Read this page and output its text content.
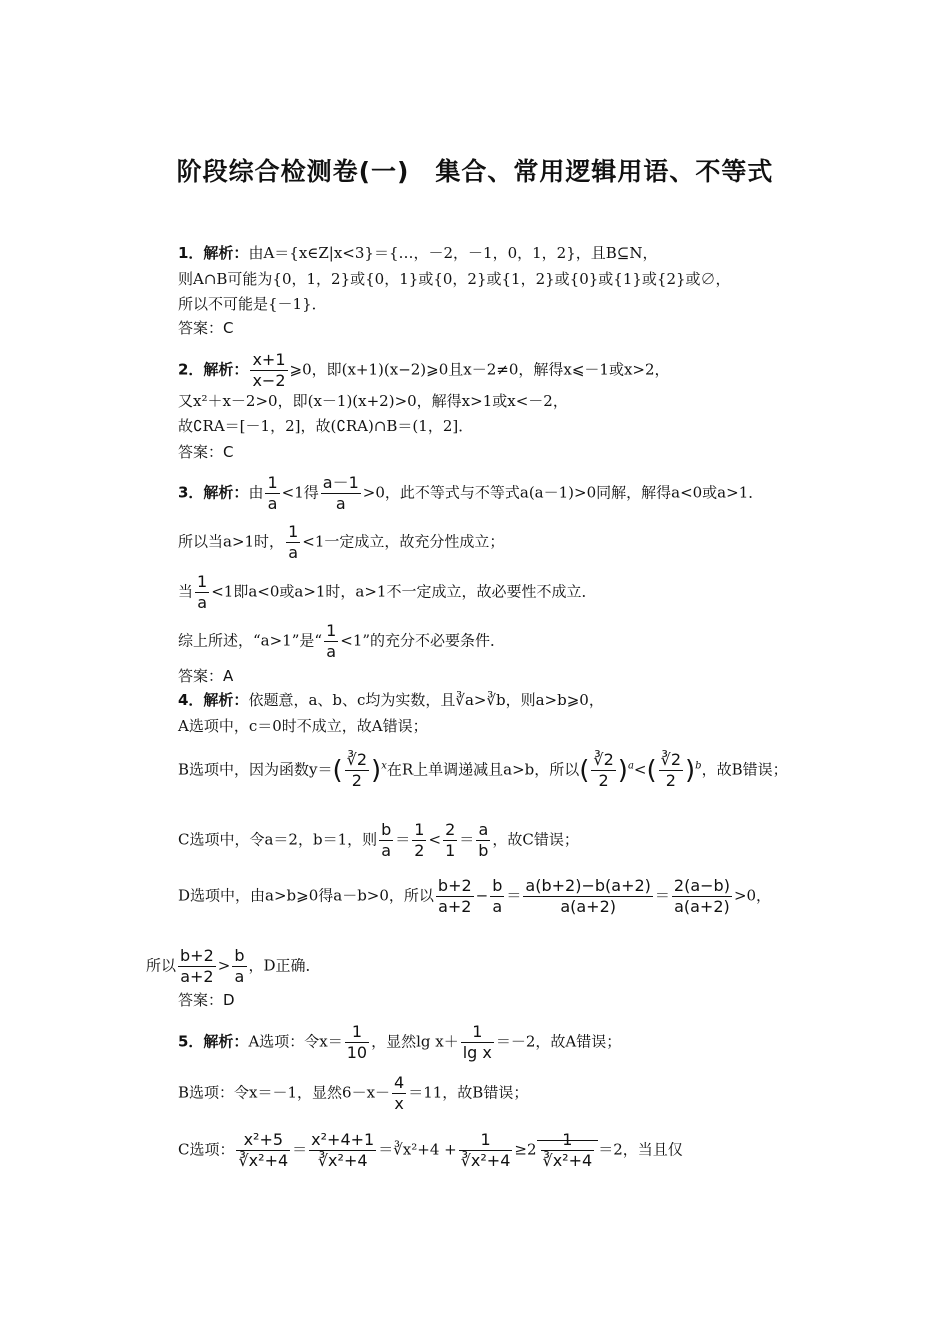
阶段综合检测卷(一)　集合、常用逻辑用语、不等式
1．解析：由A＝{x∈Z|x<3}＝{…，－2，－1，0，1，2}，且B⊆N，
则A∩B可能为{0，1，2}或{0，1}或{0，2}或{1，2}或{0}或{1}或{2}或∅，
所以不可能是{－1}．
答案：C
2．解析： $\frac{x+1}{x-2}$ ⩾0，即(x+1)(x−2)⩾0且x－2≠0，解得x⩽－1或x>2，
又x²＋x－2>0，即(x－1)(x+2)>0，解得x>1或x<－2，
故∁RA＝[－1，2]，故(∁RA)∩B＝(1，2]．
答案：C
3．解析：由 $\frac{1}{a} <1$得 $\frac{a-1}{a} >0$，此不等式与不等式a(a－1)>0同解，解得a<0或a>1．
所以当a>1时， $\frac{1}{a} <1$一定成立，故充分性成立；
当 $\frac{1}{a} <1$即a<0或a>1时，a>1不一定成立，故必要性不成立．
综上所述，“a>1”是“ $\frac{1}{a} <1$”的充分不必要条件．
答案：A
4．解析：依题意，a、b、c均为实数，且∛a>∛b，则a>b⩾0，
A选项中，c＝0时不成立，故A错误；
B选项中，因为函数$y=( \frac{∛2}{2} )^x$在R上单调递减且a>b，所以( $\frac{∛2}{2} )^a<( \frac{∛2}{2} )^b$，故B错误；
C选项中，令a＝2，b＝1，则 $\frac{b}{a} = \frac{1}{2} < \frac{2}{1} = \frac{a}{b}$ ，故C错误；
D选项中，由a>b⩾0得a－b>0，所以 $\frac{b+2}{a+2} - \frac{b}{a} = \frac{a(b+2)-b(a+2)}{a(a+2)} = \frac{2(a-b)}{a(a+2)} >0$，
所以 $\frac{b+2}{a+2} > \frac{b}{a}$ ，D正确．
答案：D
5．解析：A选项：令$x= \frac{1}{10}$ ，显然$\lg x+ \frac{1}{\text{lg x}} =-2$，故A错误；
B选项：令x＝－1，显然$6-x- \frac{4}{x} =11$，故B错误；
C选项： $\frac{\text{x²+5}}{\text{∛x²+4}} = \frac{\text{x²+4+1}}{\text{∛x²+4}}$ ＝∛x²+4 + $\frac{1}{\text{∛x²+4}} \ge 2 \frac{1}{\text{∛x²+4}} =2$，当且仅
